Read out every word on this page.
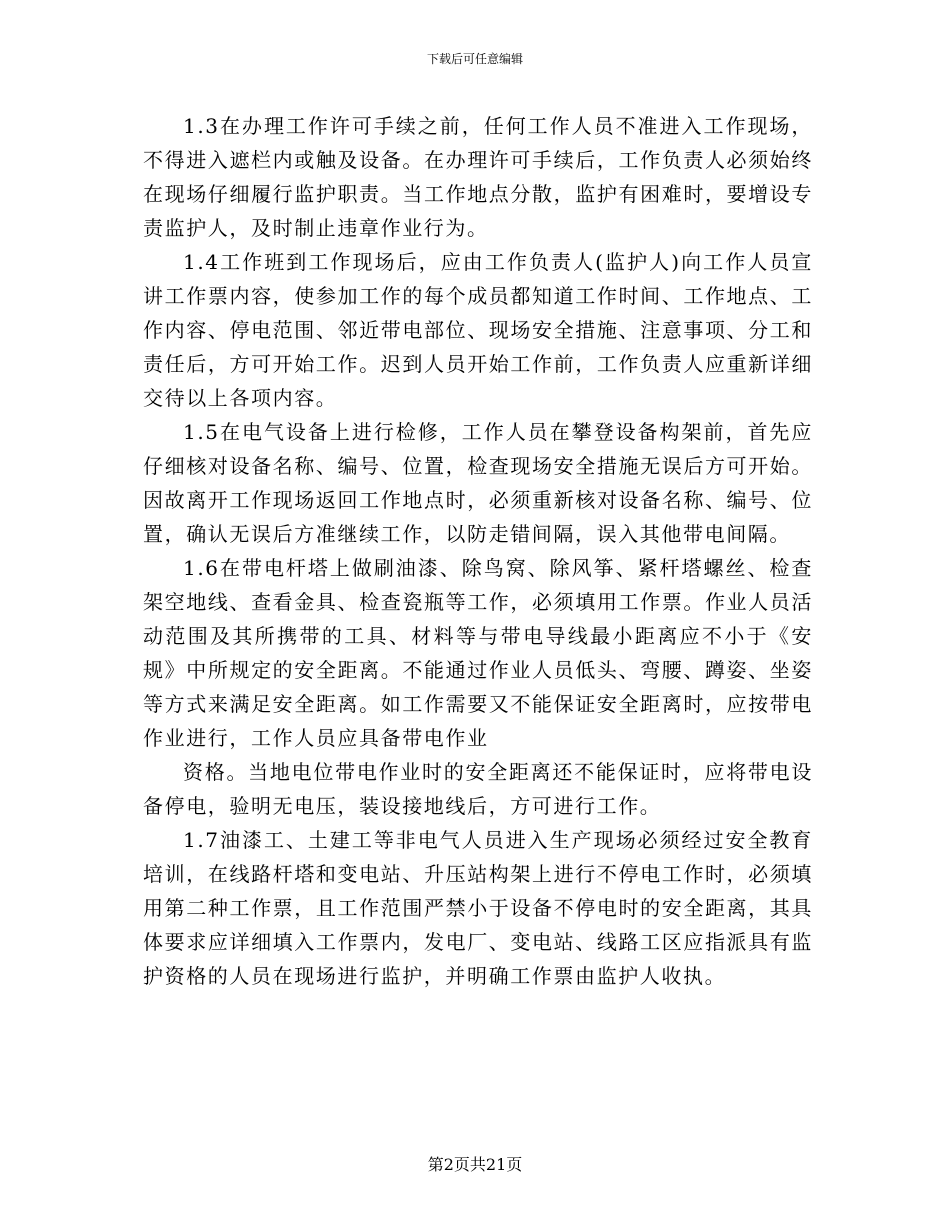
下载后可任意编辑

1.3在办理工作许可手续之前，任何工作人员不准进入工作现场，不得进入遮栏内或触及设备。在办理许可手续后，工作负责人必须始终在现场仔细履行监护职责。当工作地点分散，监护有困难时，要增设专责监护人，及时制止违章作业行为。

1.4工作班到工作现场后，应由工作负责人(监护人)向工作人员宣讲工作票内容，使参加工作的每个成员都知道工作时间、工作地点、工作内容、停电范围、邻近带电部位、现场安全措施、注意事项、分工和责任后，方可开始工作。迟到人员开始工作前，工作负责人应重新详细交待以上各项内容。

1.5在电气设备上进行检修，工作人员在攀登设备构架前，首先应仔细核对设备名称、编号、位置，检查现场安全措施无误后方可开始。因故离开工作现场返回工作地点时，必须重新核对设备名称、编号、位置，确认无误后方准继续工作，以防走错间隔，误入其他带电间隔。

1.6在带电杆塔上做刷油漆、除鸟窝、除风筝、紧杆塔螺丝、检查架空地线、查看金具、检查瓷瓶等工作，必须填用工作票。作业人员活动范围及其所携带的工具、材料等与带电导线最小距离应不小于《安规》中所规定的安全距离。不能通过作业人员低头、弯腰、蹲姿、坐姿等方式来满足安全距离。如工作需要又不能保证安全距离时，应按带电作业进行，工作人员应具备带电作业

资格。当地电位带电作业时的安全距离还不能保证时，应将带电设备停电，验明无电压，装设接地线后，方可进行工作。

1.7油漆工、土建工等非电气人员进入生产现场必须经过安全教育培训，在线路杆塔和变电站、升压站构架上进行不停电工作时，必须填用第二种工作票，且工作范围严禁小于设备不停电时的安全距离，其具体要求应详细填入工作票内，发电厂、变电站、线路工区应指派具有监护资格的人员在现场进行监护，并明确工作票由监护人收执。

第2页共21页
